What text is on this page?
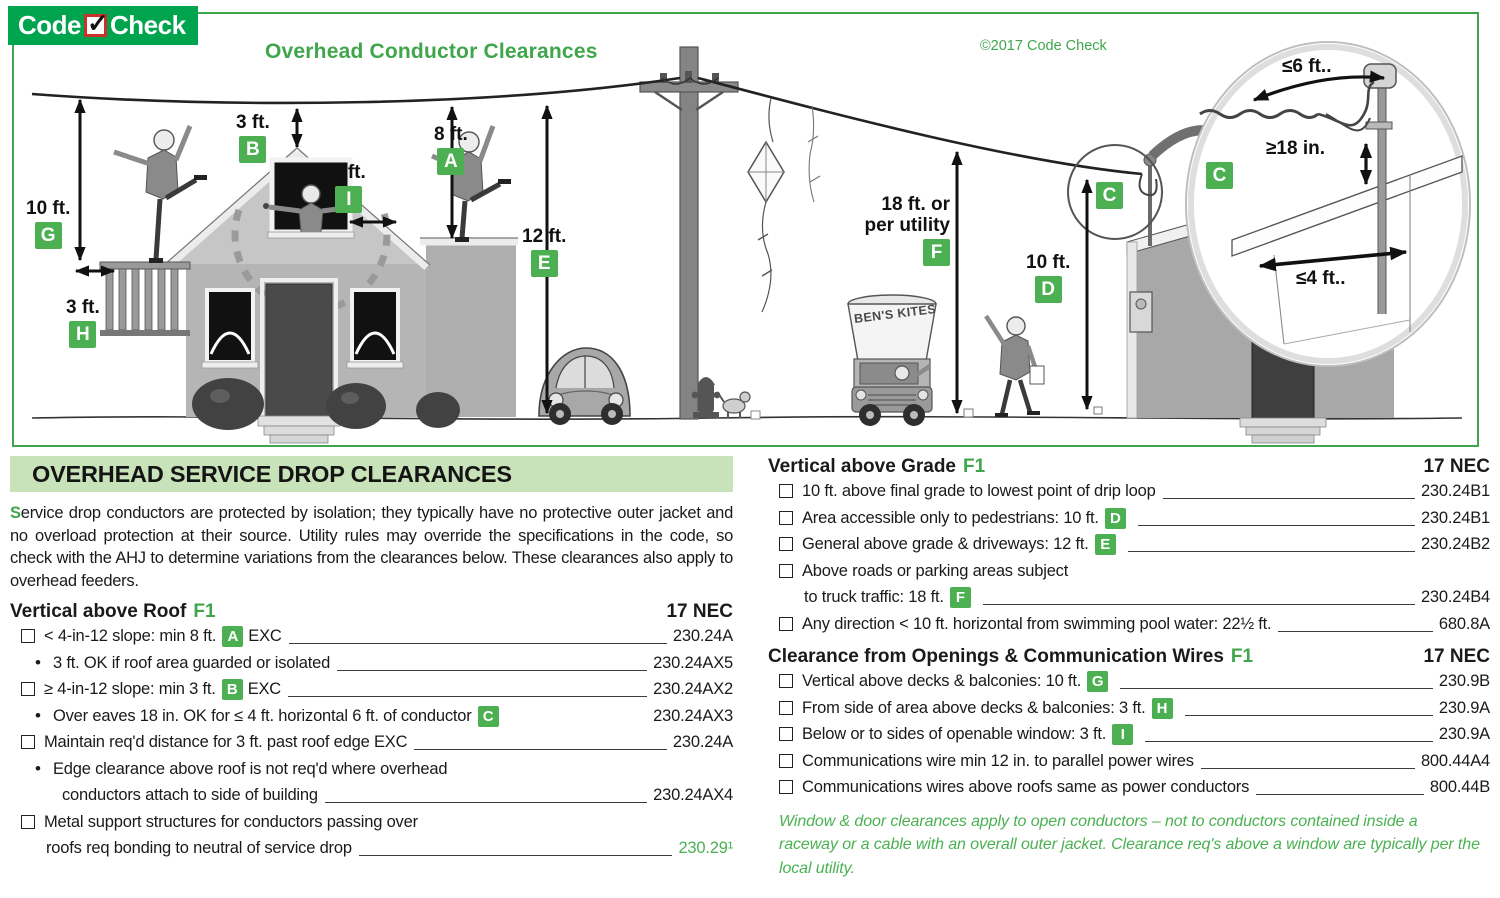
Overhead Conductor Clearances	©2017 Code Check
BEN'S KITES
10 ft.
G
3 ft.
H
3 ft.
B
3 ft.
I
8 ft.
A
12 ft.
E
18 ft. or
per utility
F	10 ft.
D
C
≤6 ft..
≥18 in.
≤4 ft..
C
Code ✓ Check
OVERHEAD SERVICE DROP CLEARANCES

Service drop conductors are protected by isolation; they typically have no protective outer jacket and no overload protection at their source. Utility rules may override the specifications in the code, so check with the AHJ to determine variations from the clearances below. These clearances also apply to overhead feeders.

Vertical above Roof F1	17 NEC
< 4-in-12 slope: min 8 ft. A EXC	230.24A
•
3 ft. OK if roof area guarded or isolated	230.24AX5
≥ 4-in-12 slope: min 3 ft. B EXC	230.24AX2
•
Over eaves 18 in. OK for ≤ 4 ft. horizontal 6 ft. of conductor C	230.24AX3
Maintain req'd distance for 3 ft. past roof edge EXC	230.24A
•
Edge clearance above roof is not req'd where overhead
conductors attach to side of building	230.24AX4
Metal support structures for conductors passing over
roofs req bonding to neutral of service drop	230.29¹
Vertical above Grade F1	17 NEC
10 ft. above final grade to lowest point of drip loop	230.24B1
Area accessible only to pedestrians: 10 ft. D	230.24B1
General above grade & driveways: 12 ft. E	230.24B2
Above roads or parking areas subject
to truck traffic: 18 ft. F	230.24B4
Any direction < 10 ft. horizontal from swimming pool water: 22½ ft.	680.8A
Clearance from Openings & Communication Wires F1	17 NEC
Vertical above decks & balconies: 10 ft. G	230.9B
From side of area above decks & balconies: 3 ft. H	230.9A
Below or to sides of openable window: 3 ft. I	230.9A
Communications wire min 12 in. to parallel power wires	800.44A4
Communications wires above roofs same as power conductors	800.44B

Window & door clearances apply to open conductors – not to conductors contained inside a raceway or a cable with an overall outer jacket. Clearance req's above a window are typically per the local utility.
